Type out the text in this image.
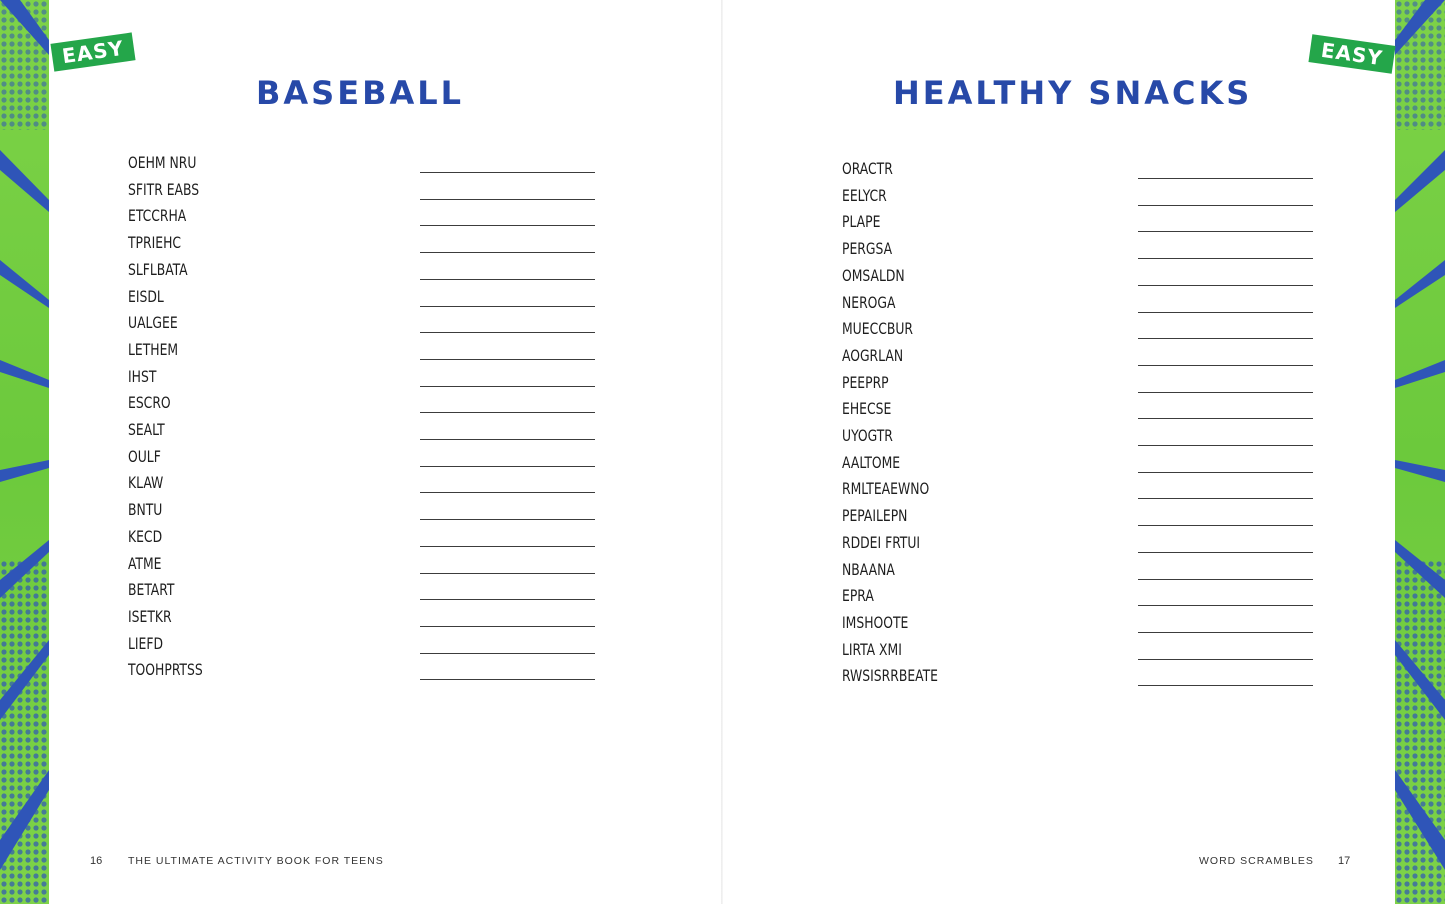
EASY	EASY
BASEBALL	HEALTHY SNACKS
OEHM NRU
SFITR EABS
ETCCRHA
TPRIEHC
SLFLBATA
EISDL
UALGEE
LETHEM
IHST
ESCRO
SEALT
OULF
KLAW
BNTU
KECD
ATME
BETART
ISETKR
LIEFD
TOOHPRTSS
ORACTR
EELYCR
PLAPE
PERGSA
OMSALDN
NEROGA
MUECCBUR
AOGRLAN
PEEPRP
EHECSE
UYOGTR
AALTOME
RMLTEAEWNO
PEPAILEPN
RDDEI FRTUI
NBAANA
EPRA
IMSHOOTE
LIRTA XMI
RWSISRRBEATE
16 THE ULTIMATE ACTIVITY BOOK FOR TEENS	WORD SCRAMBLES 17
